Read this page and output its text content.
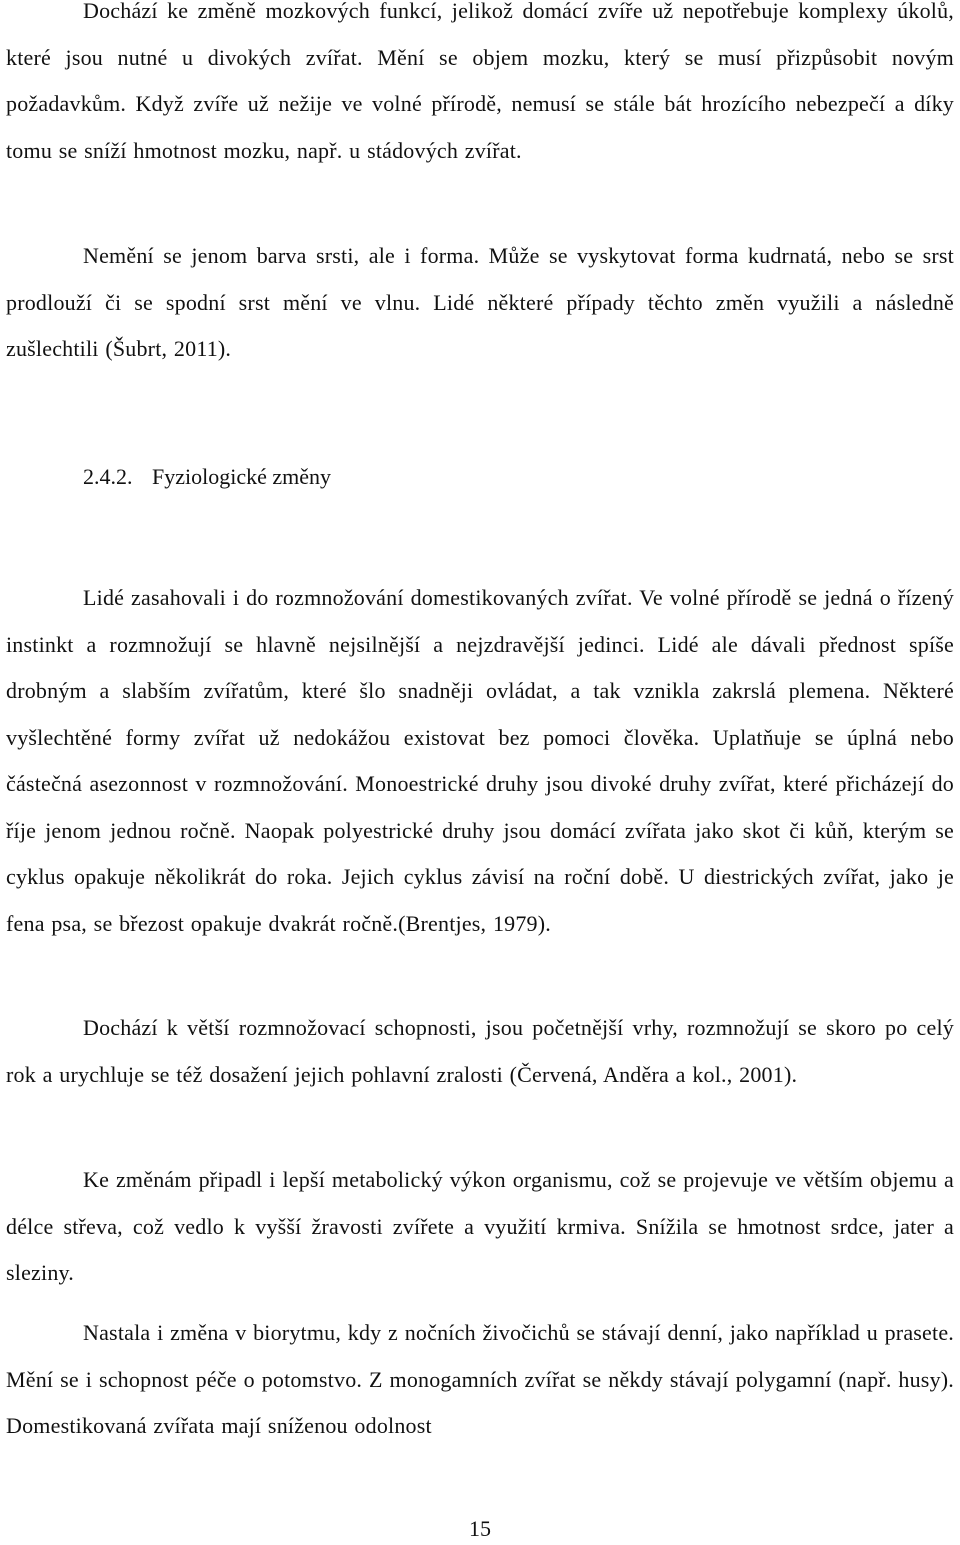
Dochází ke změně mozkových funkcí, jelikož domácí zvíře už nepotřebuje komplexy úkolů, které jsou nutné u divokých zvířat. Mění se objem mozku, který se musí přizpůsobit novým požadavkům. Když zvíře už nežije ve volné přírodě, nemusí se stále bát hrozícího nebezpečí a díky tomu se sníží hmotnost mozku, např. u stádových zvířat.

Nemění se jenom barva srsti, ale i forma. Může se vyskytovat forma kudrnatá, nebo se srst prodlouží či se spodní srst mění ve vlnu. Lidé některé případy těchto změn využili a následně zušlechtili (Šubrt, 2011).

2.4.2. Fyziologické změny

Lidé zasahovali i do rozmnožování domestikovaných zvířat. Ve volné přírodě se jedná o řízený instinkt a rozmnožují se hlavně nejsilnější a nejzdravější jedinci. Lidé ale dávali přednost spíše drobným a slabším zvířatům, které šlo snadněji ovládat, a tak vznikla zakrslá plemena. Některé vyšlechtěné formy zvířat už nedokážou existovat bez pomoci člověka. Uplatňuje se úplná nebo částečná asezonnost v rozmnožování. Monoestrické druhy jsou divoké druhy zvířat, které přicházejí do říje jenom jednou ročně. Naopak polyestrické druhy jsou domácí zvířata jako skot či kůň, kterým se cyklus opakuje několikrát do roka. Jejich cyklus závisí na roční době. U diestrických zvířat, jako je fena psa, se březost opakuje dvakrát ročně.(Brentjes, 1979).

Dochází k větší rozmnožovací schopnosti, jsou početnější vrhy, rozmnožují se skoro po celý rok a urychluje se též dosažení jejich pohlavní zralosti (Červená, Anděra a kol., 2001).

Ke změnám připadl i lepší metabolický výkon organismu, což se projevuje ve větším objemu a délce střeva, což vedlo k vyšší žravosti zvířete a využití krmiva. Snížila se hmotnost srdce, jater a sleziny.

Nastala i změna v biorytmu, kdy z nočních živočichů se stávají denní, jako například u prasete. Mění se i schopnost péče o potomstvo. Z monogamních zvířat se někdy stávají polygamní (např. husy). Domestikovaná zvířata mají sníženou odolnost

15
